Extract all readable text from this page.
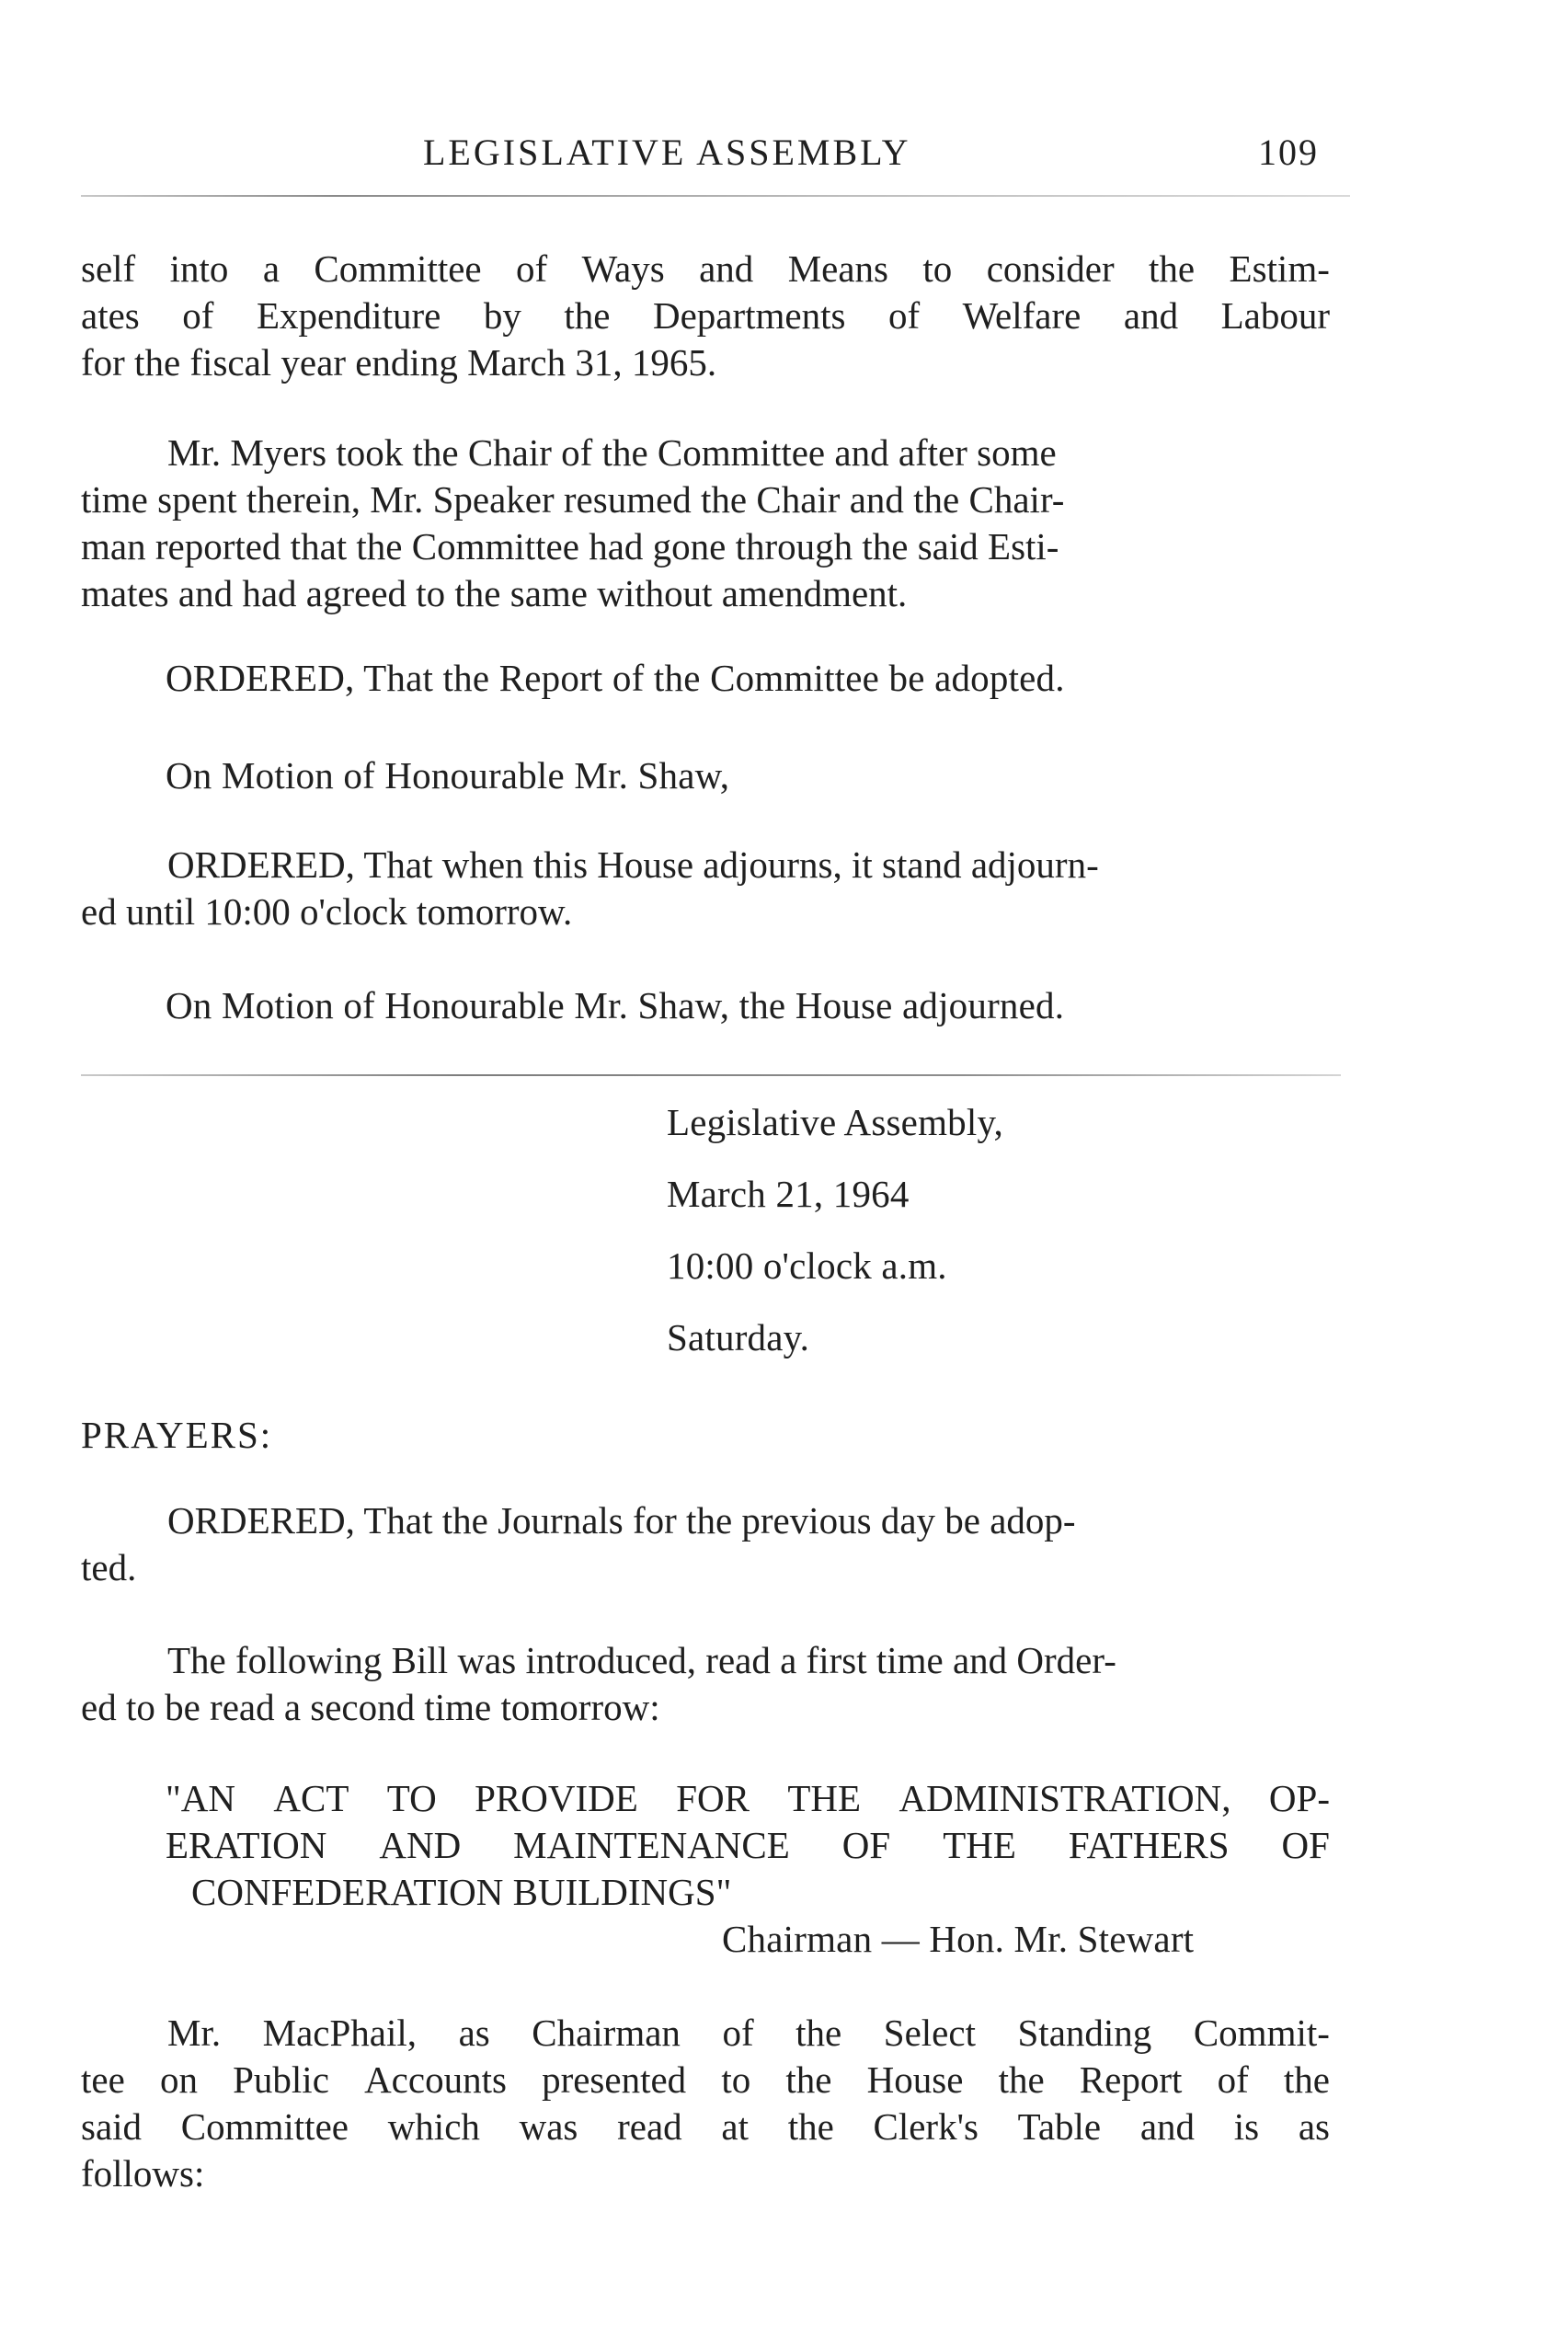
LEGISLATIVE ASSEMBLY	109
self into a Committee of Ways and Means to consider the Estim-
ates of Expenditure by the Departments of Welfare and Labour
for the fiscal year ending March 31, 1965.
Mr. Myers took the Chair of the Committee and after some
time spent therein, Mr. Speaker resumed the Chair and the Chair-
man reported that the Committee had gone through the said Esti-
mates and had agreed to the same without amendment.
ORDERED, That the Report of the Committee be adopted.
On Motion of Honourable Mr. Shaw,
ORDERED, That when this House adjourns, it stand adjourn-
ed until 10:00 o'clock tomorrow.
On Motion of Honourable Mr. Shaw, the House adjourned.
Legislative Assembly,
March 21, 1964
10:00 o'clock a.m.
Saturday.
PRAYERS:
ORDERED, That the Journals for the previous day be adop-
ted.
The following Bill was introduced, read a first time and Order-
ed to be read a second time tomorrow:
"AN ACT TO PROVIDE FOR THE ADMINISTRATION, OP-
ERATION AND MAINTENANCE OF THE FATHERS OF
CONFEDERATION BUILDINGS"
Chairman — Hon. Mr. Stewart
Mr. MacPhail, as Chairman of the Select Standing Commit-
tee on Public Accounts presented to the House the Report of the
said Committee which was read at the Clerk's Table and is as
follows:
